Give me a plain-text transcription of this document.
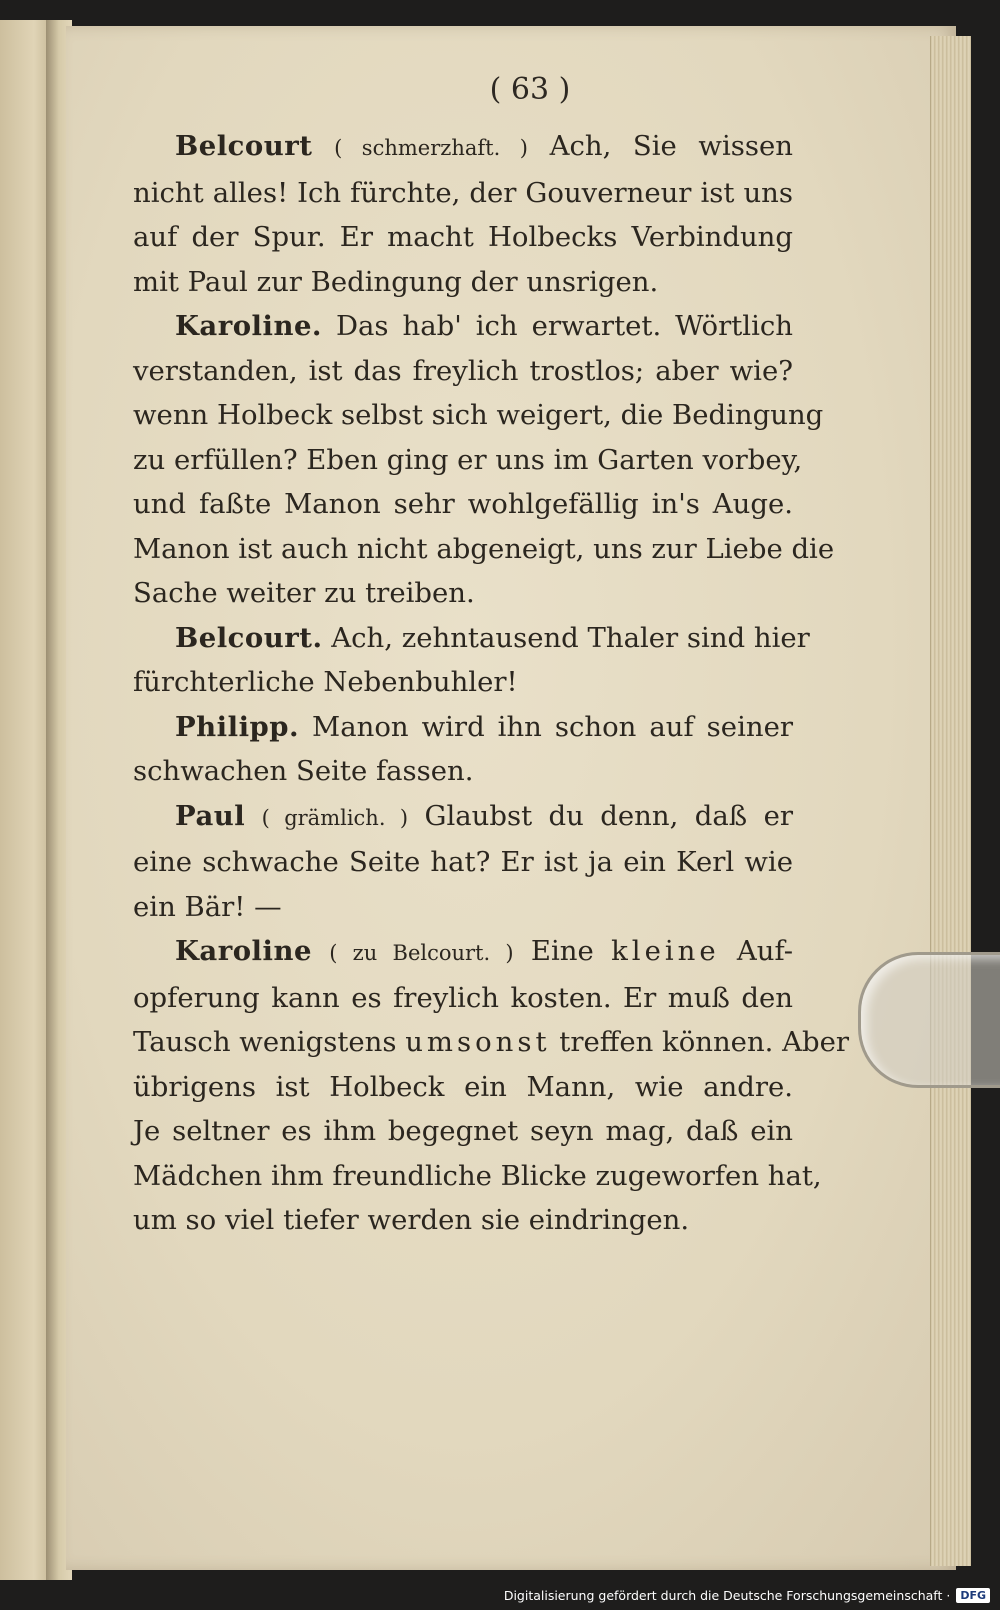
( 63 )
Belcourt ( schmerzhaft. ) Ach, Sie wissen
nicht alles! Ich fürchte, der Gouverneur ist uns
auf der Spur. Er macht Holbecks Verbindung
mit Paul zur Bedingung der unsrigen.
Karoline. Das hab' ich erwartet. Wörtlich
verstanden, ist das freylich trostlos; aber wie?
wenn Holbeck selbst sich weigert, die Bedingung
zu erfüllen? Eben ging er uns im Garten vorbey,
und faßte Manon sehr wohlgefällig in's Auge.
Manon ist auch nicht abgeneigt, uns zur Liebe die
Sache weiter zu treiben.
Belcourt. Ach, zehntausend Thaler sind hier
fürchterliche Nebenbuhler!
Philipp. Manon wird ihn schon auf seiner
schwachen Seite fassen.
Paul ( grämlich. ) Glaubst du denn, daß er
eine schwache Seite hat? Er ist ja ein Kerl wie
ein Bär! —
Karoline ( zu Belcourt. ) Eine kleine Auf-
opferung kann es freylich kosten. Er muß den
Tausch wenigstens umsonst treffen können. Aber
übrigens ist Holbeck ein Mann, wie andre.
Je seltner es ihm begegnet seyn mag, daß ein
Mädchen ihm freundliche Blicke zugeworfen hat,
um so viel tiefer werden sie eindringen.
Digitalisierung gefördert durch die Deutsche Forschungsgemeinschaft · DFG
